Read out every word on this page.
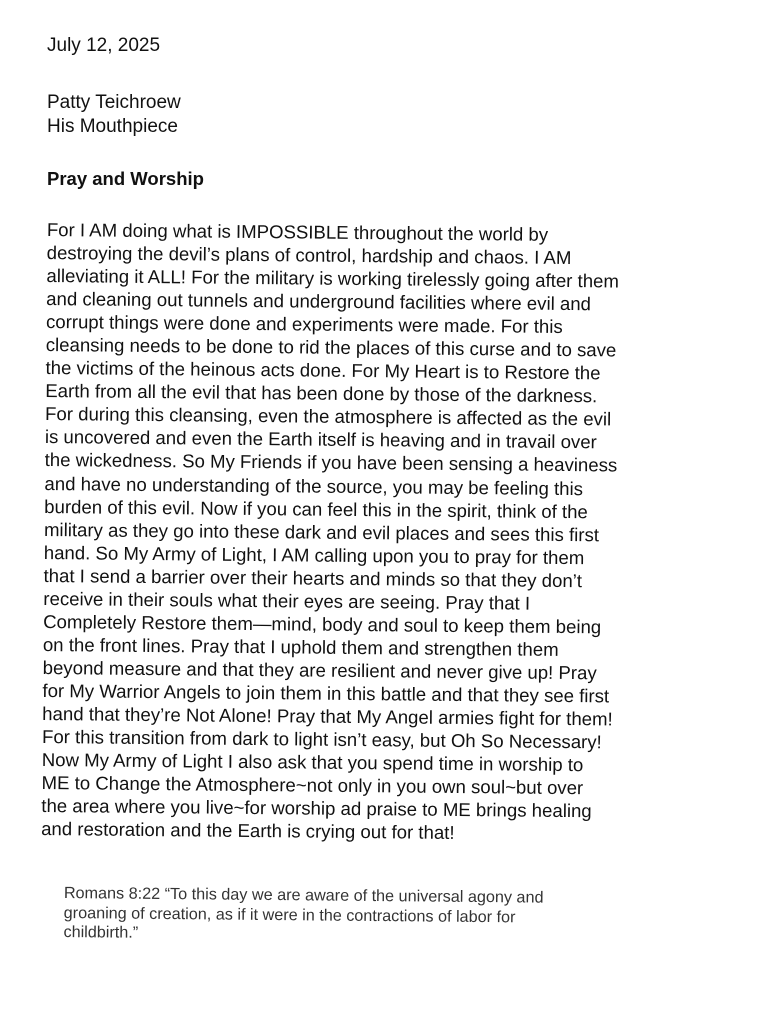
July 12, 2025
Patty Teichroew
His Mouthpiece
Pray and Worship
For I AM doing what is IMPOSSIBLE throughout the world by
destroying the devil’s plans of control, hardship and chaos. I AM
alleviating it ALL! For the military is working tirelessly going after them
and cleaning out tunnels and underground facilities where evil and
corrupt things were done and experiments were made. For this
cleansing needs to be done to rid the places of this curse and to save
the victims of the heinous acts done. For My Heart is to Restore the
Earth from all the evil that has been done by those of the darkness.
For during this cleansing, even the atmosphere is affected as the evil
is uncovered and even the Earth itself is heaving and in travail over
the wickedness. So My Friends if you have been sensing a heaviness
and have no understanding of the source, you may be feeling this
burden of this evil. Now if you can feel this in the spirit, think of the
military as they go into these dark and evil places and sees this first
hand. So My Army of Light, I AM calling upon you to pray for them
that I send a barrier over their hearts and minds so that they don’t
receive in their souls what their eyes are seeing. Pray that I
Completely Restore them—mind, body and soul to keep them being
on the front lines. Pray that I uphold them and strengthen them
beyond measure and that they are resilient and never give up! Pray
for My Warrior Angels to join them in this battle and that they see first
hand that they’re Not Alone! Pray that My Angel armies fight for them!
For this transition from dark to light isn’t easy, but Oh So Necessary!
Now My Army of Light I also ask that you spend time in worship to
ME to Change the Atmosphere~not only in you own soul~but over
the area where you live~for worship ad praise to ME brings healing
and restoration and the Earth is crying out for that!
Romans 8:22 “To this day we are aware of the universal agony and
groaning of creation, as if it were in the contractions of labor for
childbirth.”
